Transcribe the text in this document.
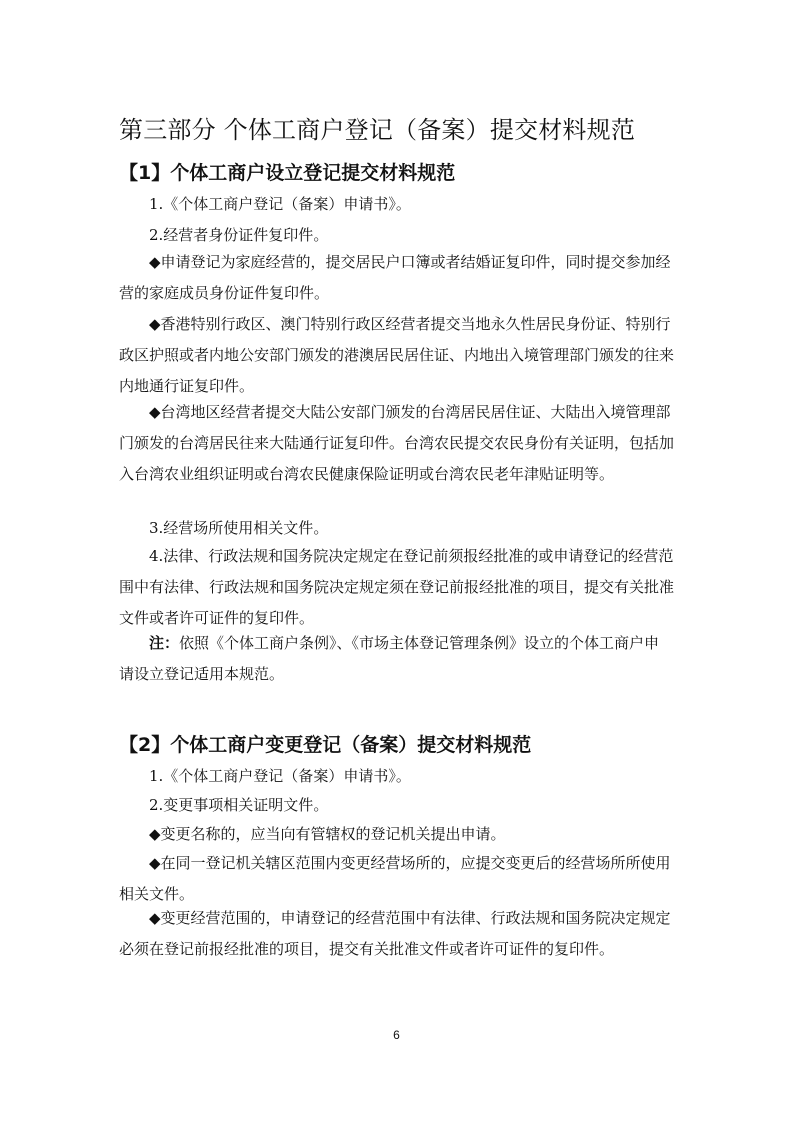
第三部分 个体工商户登记（备案）提交材料规范
【1】个体工商户设立登记提交材料规范

1.《个体工商户登记（备案）申请书》。

2.经营者身份证件复印件。

◆申请登记为家庭经营的，提交居民户口簿或者结婚证复印件，同时提交参加经营的家庭成员身份证件复印件。

◆香港特别行政区、澳门特别行政区经营者提交当地永久性居民身份证、特别行政区护照或者内地公安部门颁发的港澳居民居住证、内地出入境管理部门颁发的往来内地通行证复印件。

◆台湾地区经营者提交大陆公安部门颁发的台湾居民居住证、大陆出入境管理部门颁发的台湾居民往来大陆通行证复印件。台湾农民提交农民身份有关证明，包括加入台湾农业组织证明或台湾农民健康保险证明或台湾农民老年津贴证明等。

3.经营场所使用相关文件。

4.法律、行政法规和国务院决定规定在登记前须报经批准的或申请登记的经营范围中有法律、行政法规和国务院决定规定须在登记前报经批准的项目，提交有关批准文件或者许可证件的复印件。

注：依照《个体工商户条例》、《市场主体登记管理条例》设立的个体工商户申请设立登记适用本规范。

【2】个体工商户变更登记（备案）提交材料规范

1.《个体工商户登记（备案）申请书》。

2.变更事项相关证明文件。

◆变更名称的，应当向有管辖权的登记机关提出申请。

◆在同一登记机关辖区范围内变更经营场所的，应提交变更后的经营场所所使用相关文件。

◆变更经营范围的，申请登记的经营范围中有法律、行政法规和国务院决定规定必须在登记前报经批准的项目，提交有关批准文件或者许可证件的复印件。

6
